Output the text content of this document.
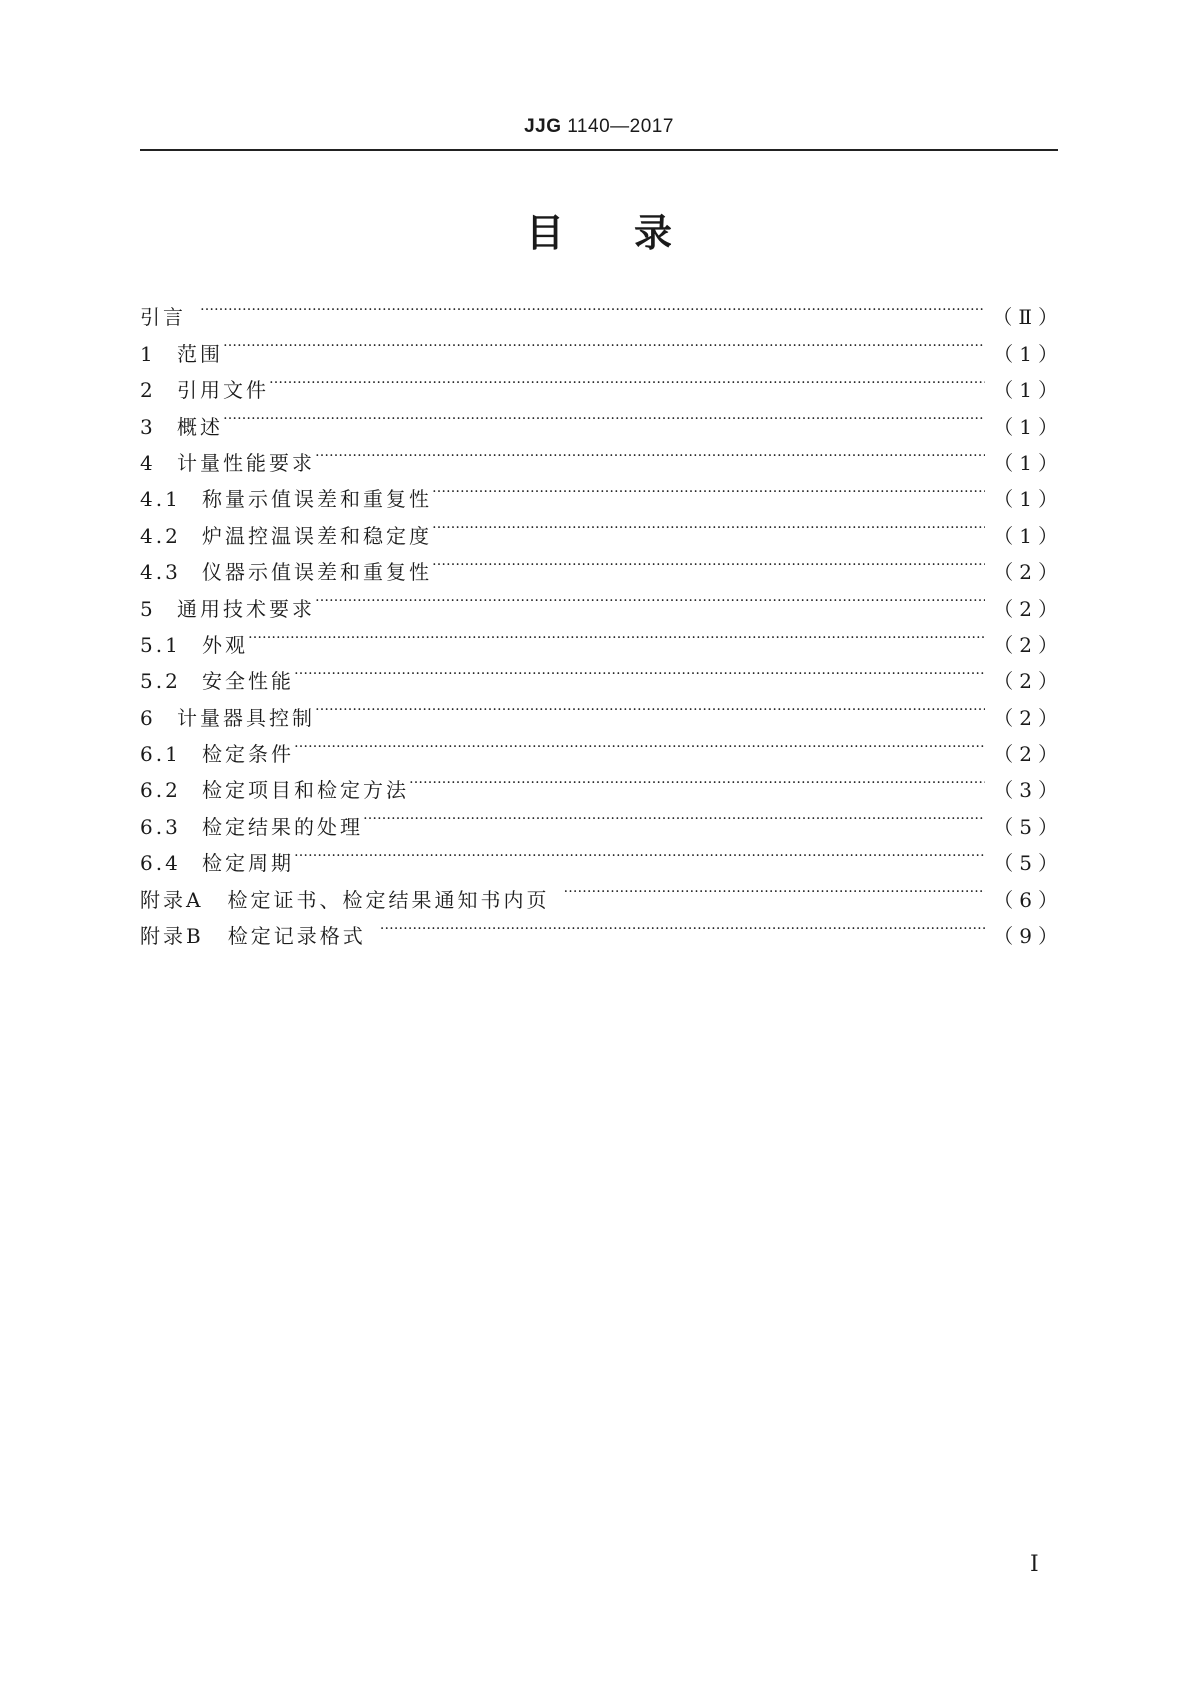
JJG 1140—2017
目录
引言 ………………………………………………………………………………………………………………………………………………………………………………………………………………………………………………	（Ⅱ）
1	范围 ………………………………………………………………………………………………………………………………………………………………………………………………………………………………………………	（1）
2	引用文件 ………………………………………………………………………………………………………………………………………………………………………………………………………………………………………………	（1）
3	概述 ………………………………………………………………………………………………………………………………………………………………………………………………………………………………………………	（1）
4	计量性能要求 ………………………………………………………………………………………………………………………………………………………………………………………………………………………………………………	（1）
4.1	称量示值误差和重复性 ………………………………………………………………………………………………………………………………………………………………………………………………………………………………………………	（1）
4.2	炉温控温误差和稳定度 ………………………………………………………………………………………………………………………………………………………………………………………………………………………………………………	（1）
4.3	仪器示值误差和重复性 ………………………………………………………………………………………………………………………………………………………………………………………………………………………………………………	（2）
5	通用技术要求 ………………………………………………………………………………………………………………………………………………………………………………………………………………………………………………	（2）
5.1	外观 ………………………………………………………………………………………………………………………………………………………………………………………………………………………………………………	（2）
5.2	安全性能 ………………………………………………………………………………………………………………………………………………………………………………………………………………………………………………	（2）
6	计量器具控制 ………………………………………………………………………………………………………………………………………………………………………………………………………………………………………………	（2）
6.1	检定条件 ………………………………………………………………………………………………………………………………………………………………………………………………………………………………………………	（2）
6.2	检定项目和检定方法 ………………………………………………………………………………………………………………………………………………………………………………………………………………………………………………	（3）
6.3	检定结果的处理 ………………………………………………………………………………………………………………………………………………………………………………………………………………………………………………	（5）
6.4	检定周期 ………………………………………………………………………………………………………………………………………………………………………………………………………………………………………………	（5）
附录A 检定证书、检定结果通知书内页 ………………………………………………………………………………………………………………………………………………………………………………………………………………………………………………	（6）
附录B 检定记录格式 ………………………………………………………………………………………………………………………………………………………………………………………………………………………………………………	（9）
Ⅰ
